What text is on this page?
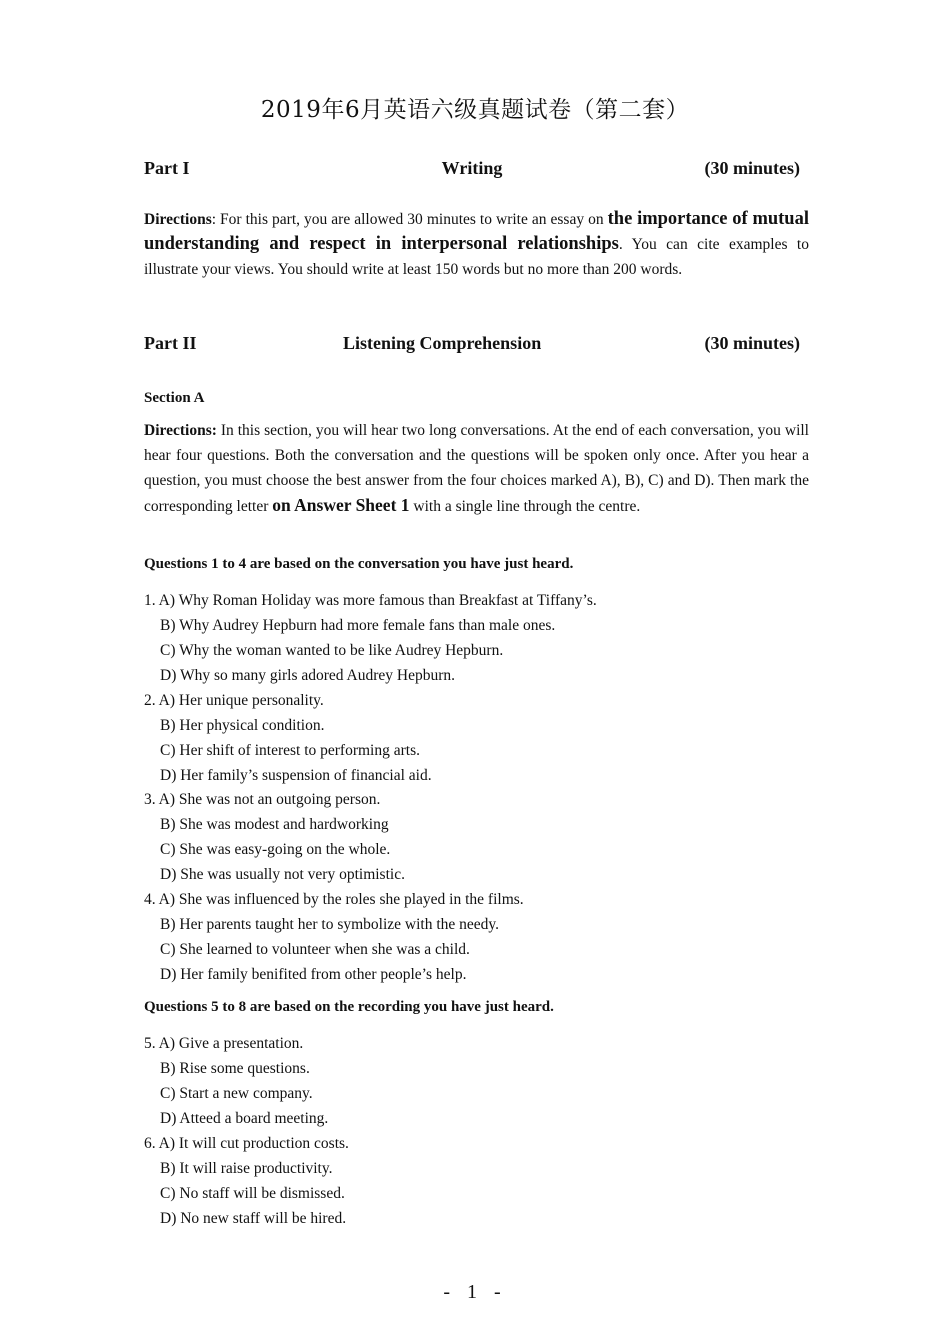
2019年6月英语六级真题试卷（第二套）
Part I	Writing	(30 minutes)
Directions: For this part, you are allowed 30 minutes to write an essay on the importance of mutual understanding and respect in interpersonal relationships. You can cite examples to illustrate your views. You should write at least 150 words but no more than 200 words.
Part II	Listening Comprehension	(30 minutes)
Section A
Directions: In this section, you will hear two long conversations. At the end of each conversation, you will hear four questions. Both the conversation and the questions will be spoken only once. After you hear a question, you must choose the best answer from the four choices marked A), B), C) and D). Then mark the corresponding letter on Answer Sheet 1 with a single line through the centre.
Questions 1 to 4 are based on the conversation you have just heard.
1. A) Why Roman Holiday was more famous than Breakfast at Tiffany’s.
B) Why Audrey Hepburn had more female fans than male ones.
C) Why the woman wanted to be like Audrey Hepburn.
D) Why so many girls adored Audrey Hepburn.
2. A) Her unique personality.
B) Her physical condition.
C) Her shift of interest to performing arts.
D) Her family’s suspension of financial aid.
3. A) She was not an outgoing person.
B) She was modest and hardworking
C) She was easy-going on the whole.
D) She was usually not very optimistic.
4. A) She was influenced by the roles she played in the films.
B) Her parents taught her to symbolize with the needy.
C) She learned to volunteer when she was a child.
D) Her family benifited from other people’s help.
Questions 5 to 8 are based on the recording you have just heard.
5. A) Give a presentation.
B) Rise some questions.
C) Start a new company.
D) Atteed a board meeting.
6. A) It will cut production costs.
B) It will raise productivity.
C) No staff will be dismissed.
D) No new staff will be hired.
- 1 -
